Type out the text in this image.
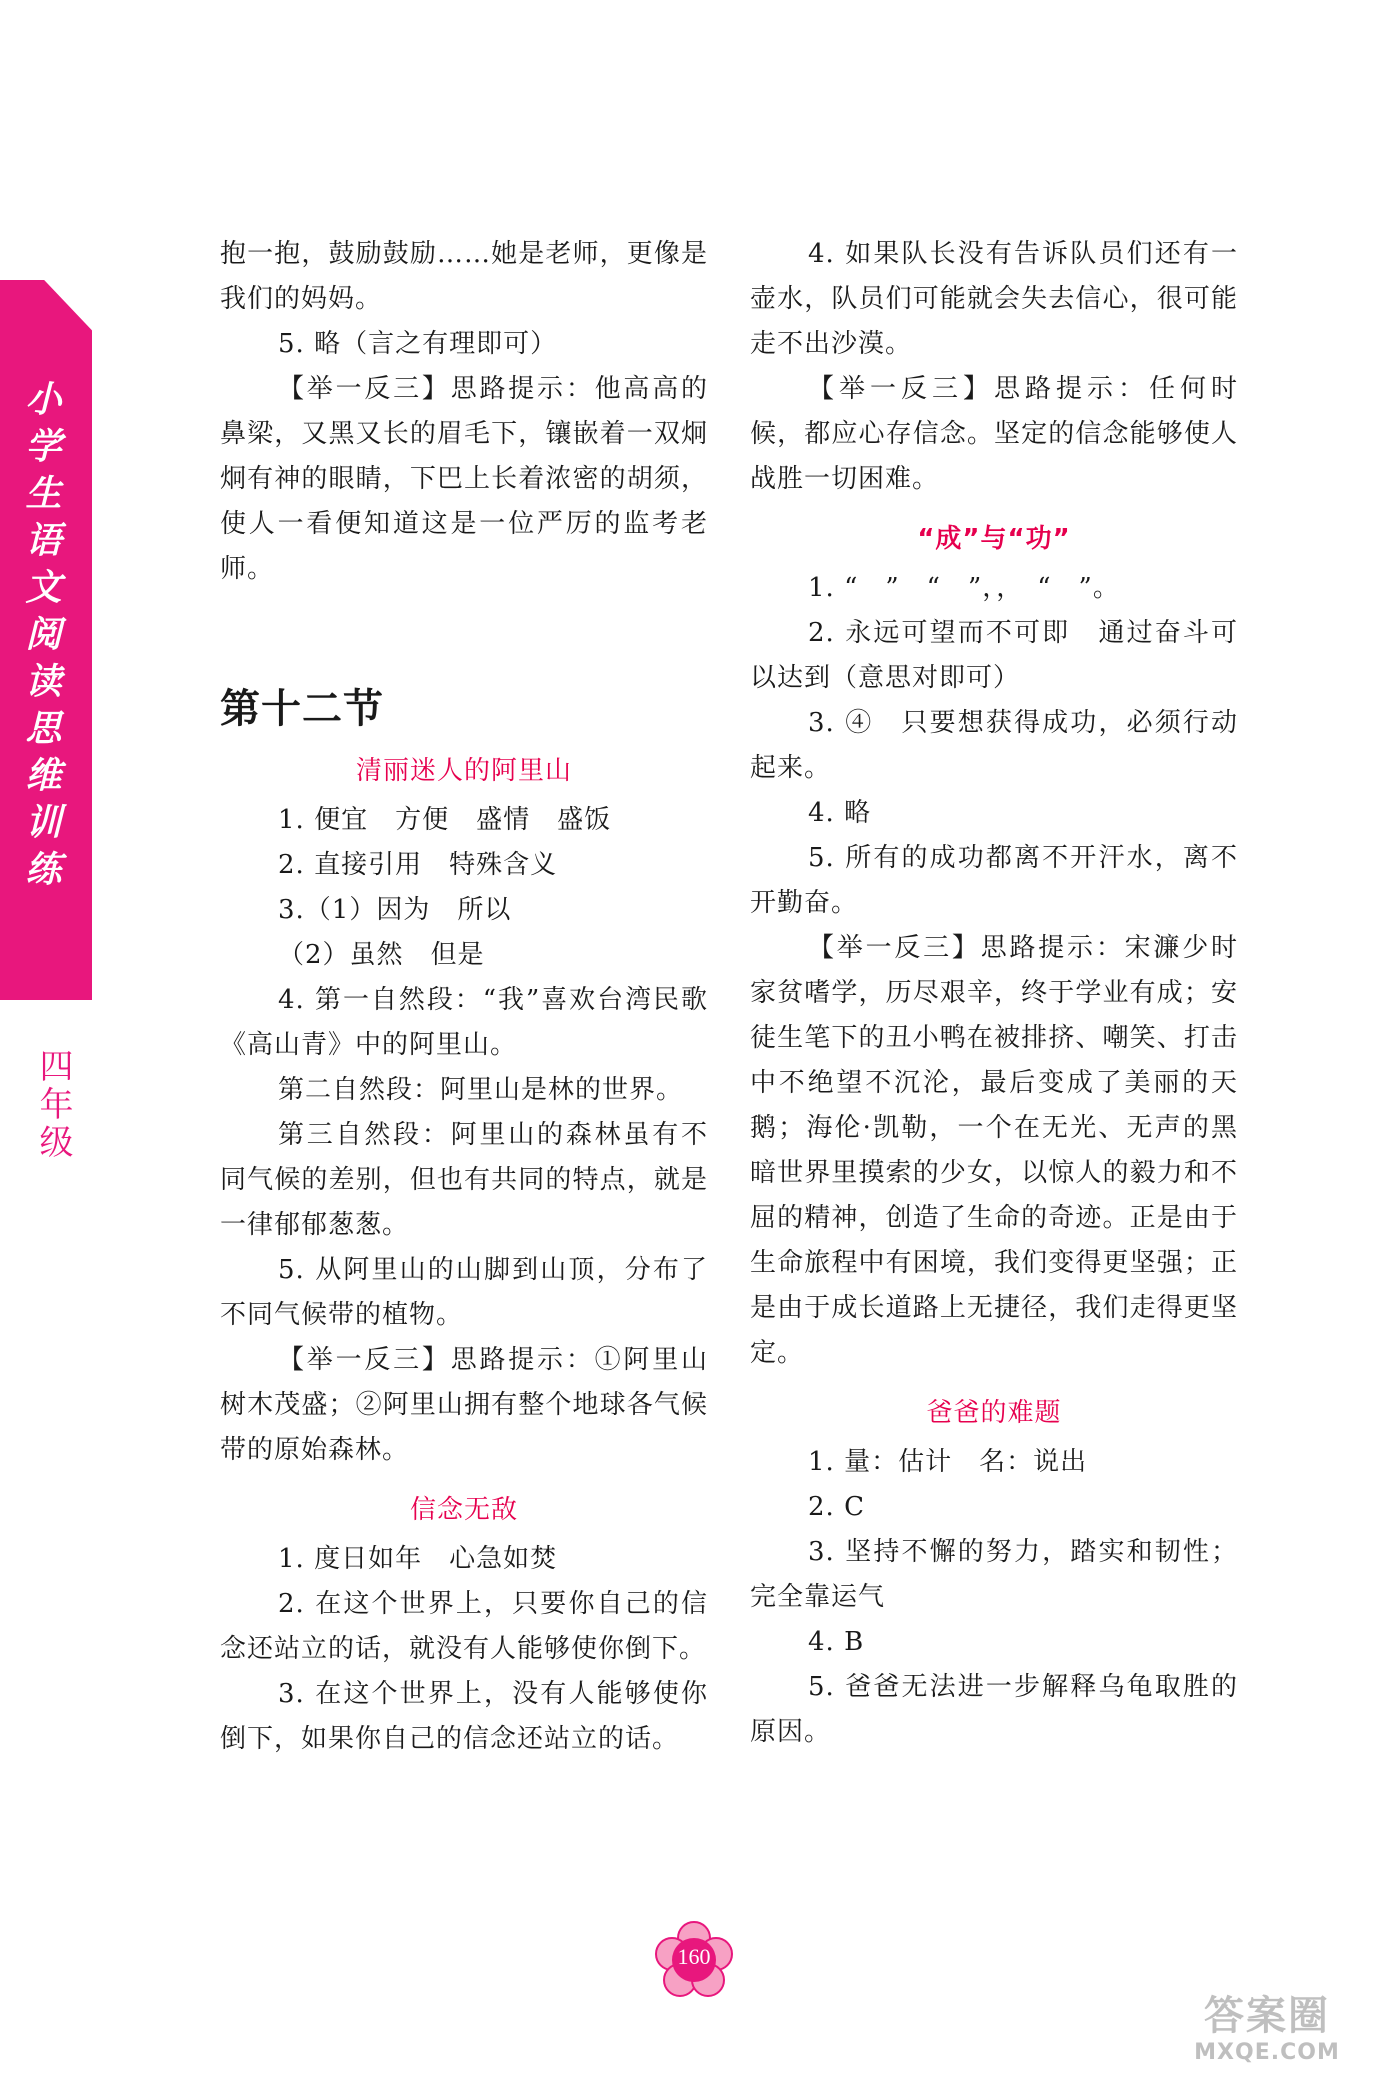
小学生语文阅读思维训练
四年级

抱一抱，鼓励鼓励……她是老师，更像是我们的妈妈。

5. 略（言之有理即可）

【举一反三】思路提示：他高高的鼻梁，又黑又长的眉毛下，镶嵌着一双炯炯有神的眼睛，下巴上长着浓密的胡须，使人一看便知道这是一位严厉的监考老师。

第十二节

清丽迷人的阿里山

1. 便宜　方便　盛情　盛饭

2. 直接引用　特殊含义

3.（1）因为　所以

（2）虽然　但是

4. 第一自然段：“我”喜欢台湾民歌《高山青》中的阿里山。

第二自然段：阿里山是林的世界。

第三自然段：阿里山的森林虽有不同气候的差别，但也有共同的特点，就是一律郁郁葱葱。

5. 从阿里山的山脚到山顶，分布了不同气候带的植物。

【举一反三】思路提示：①阿里山树木茂盛；②阿里山拥有整个地球各气候带的原始森林。

信念无敌

1. 度日如年　心急如焚

2. 在这个世界上，只要你自己的信念还站立的话，就没有人能够使你倒下。

3. 在这个世界上，没有人能够使你倒下，如果你自己的信念还站立的话。

4. 如果队长没有告诉队员们还有一壶水，队员们可能就会失去信心，很可能走不出沙漠。

【举一反三】思路提示：任何时候，都应心存信念。坚定的信念能够使人战胜一切困难。

“成”与“功”

1. “　”　“　”，，　“　”。

2. 永远可望而不可即　通过奋斗可以达到（意思对即可）

3. ④　只要想获得成功，必须行动起来。

4. 略

5. 所有的成功都离不开汗水，离不开勤奋。

【举一反三】思路提示：宋濂少时家贫嗜学，历尽艰辛，终于学业有成；安徒生笔下的丑小鸭在被排挤、嘲笑、打击中不绝望不沉沦，最后变成了美丽的天鹅；海伦·凯勒，一个在无光、无声的黑暗世界里摸索的少女，以惊人的毅力和不屈的精神，创造了生命的奇迹。正是由于生命旅程中有困境，我们变得更坚强；正是由于成长道路上无捷径，我们走得更坚定。

爸爸的难题

1. 量：估计　名：说出

2. C

3. 坚持不懈的努力，踏实和韧性；完全靠运气

4. B

5. 爸爸无法进一步解释乌龟取胜的原因。

160
答案圈
MXQE.COM
